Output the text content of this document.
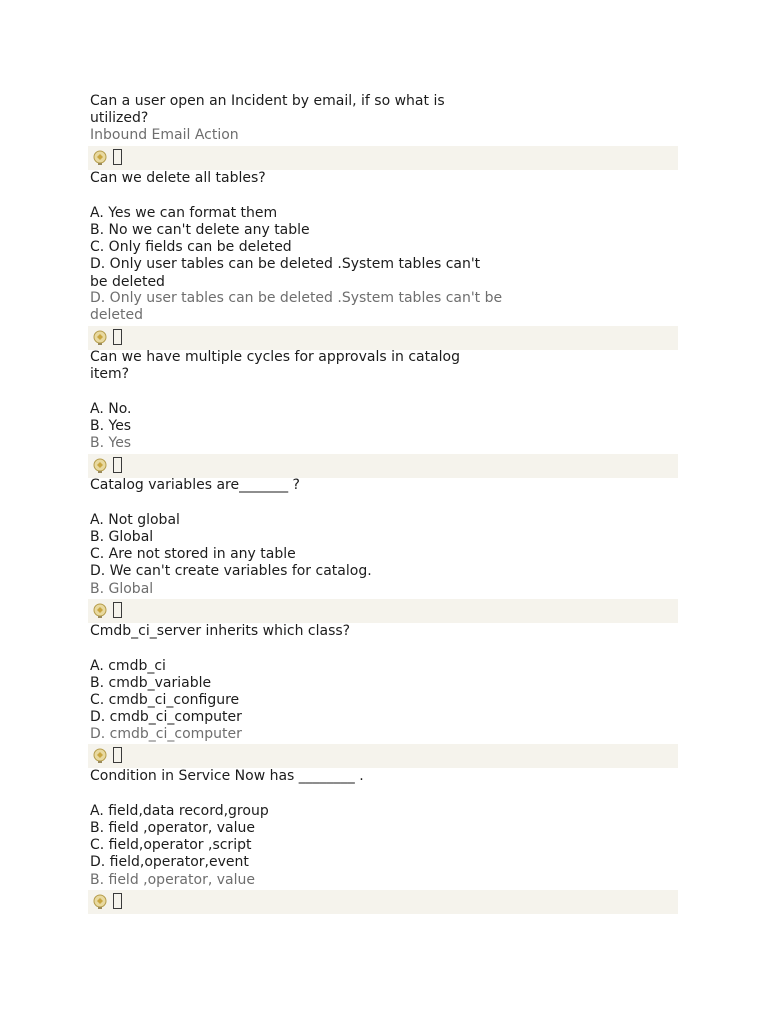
Can a user open an Incident by email, if so what is
utilized?
Inbound Email Action
Can we delete all tables?

A. Yes we can format them
B. No we can't delete any table
C. Only fields can be deleted
D. Only user tables can be deleted .System tables can't
be deleted
D. Only user tables can be deleted .System tables can't be
deleted
Can we have multiple cycles for approvals in catalog
item?

A. No.
B. Yes
B. Yes
Catalog variables are_______ ?

A. Not global
B. Global
C. Are not stored in any table
D. We can't create variables for catalog.
B. Global
Cmdb_ci_server inherits which class?

A. cmdb_ci
B. cmdb_variable
C. cmdb_ci_configure
D. cmdb_ci_computer
D. cmdb_ci_computer
Condition in Service Now has ________ .

A. field,data record,group
B. field ,operator, value
C. field,operator ,script
D. field,operator,event
B. field ,operator, value
